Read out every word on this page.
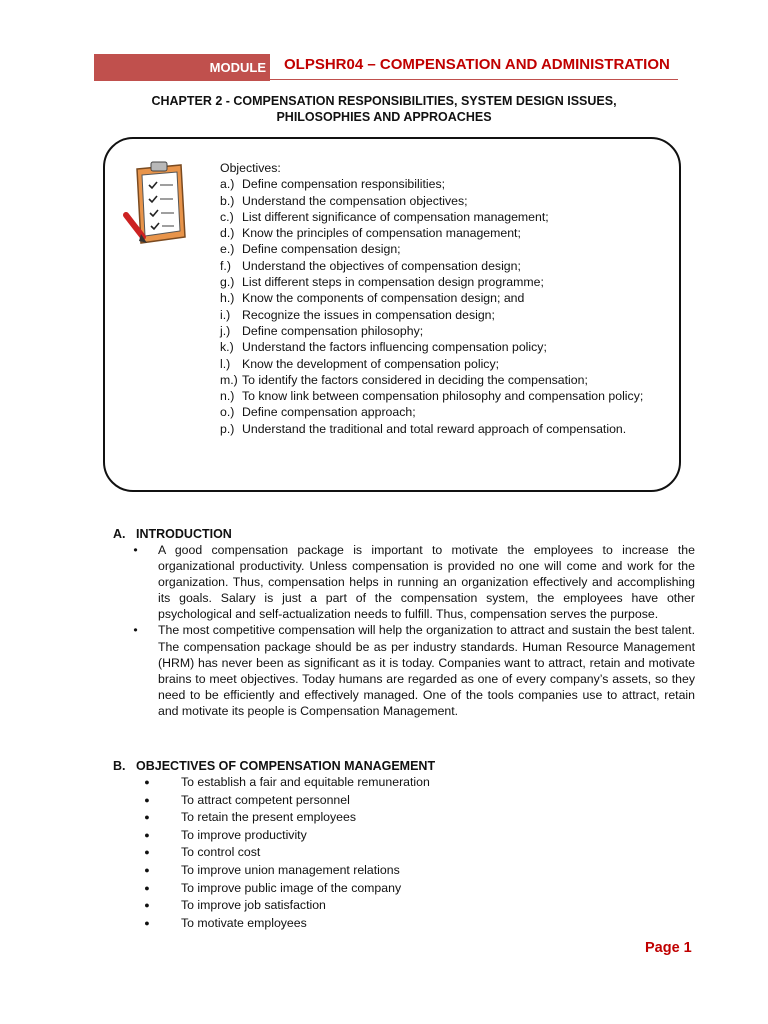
MODULE OLPSHR04 – COMPENSATION AND ADMINISTRATION
CHAPTER 2 - COMPENSATION RESPONSIBILITIES, SYSTEM DESIGN ISSUES,
PHILOSOPHIES AND APPROACHES
Objectives:
a.) Define compensation responsibilities;
b.) Understand the compensation objectives;
c.) List different significance of compensation management;
d.) Know the principles of compensation management;
e.) Define compensation design;
f.) Understand the objectives of compensation design;
g.) List different steps in compensation design programme;
h.) Know the components of compensation design; and
i.) Recognize the issues in compensation design;
j.) Define compensation philosophy;
k.) Understand the factors influencing compensation policy;
l.) Know the development of compensation policy;
m.) To identify the factors considered in deciding the compensation;
n.) To know link between compensation philosophy and compensation policy;
o.) Define compensation approach;
p.) Understand the traditional and total reward approach of compensation.
A. INTRODUCTION
•	A good compensation package is important to motivate the employees to increase the organizational productivity. Unless compensation is provided no one will come and work for the organization. Thus, compensation helps in running an organization effectively and accomplishing its goals. Salary is just a part of the compensation system, the employees have other psychological and self-actualization needs to fulfill. Thus, compensation serves the purpose.
•	The most competitive compensation will help the organization to attract and sustain the best talent. The compensation package should be as per industry standards. Human Resource Management (HRM) has never been as significant as it is today. Companies want to attract, retain and motivate brains to meet objectives. Today humans are regarded as one of every company’s assets, so they need to be efficiently and effectively managed. One of the tools companies use to attract, retain and motivate its people is Compensation Management.
B. OBJECTIVES OF COMPENSATION MANAGEMENT
●	To establish a fair and equitable remuneration
●	To attract competent personnel
●	To retain the present employees
●	To improve productivity
●	To control cost
●	To improve union management relations
●	To improve public image of the company
●	To improve job satisfaction
●	To motivate employees
Page 1
